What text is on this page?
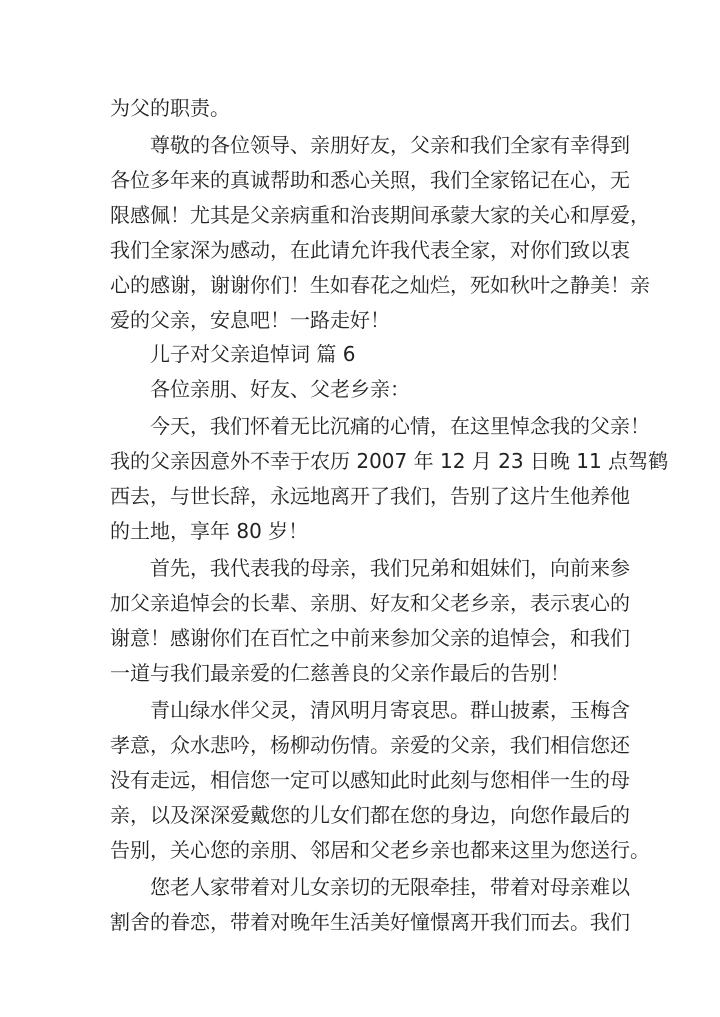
为父的职责。
尊敬的各位领导、亲朋好友，父亲和我们全家有幸得到
各位多年来的真诚帮助和悉心关照，我们全家铭记在心，无
限感佩！尤其是父亲病重和治丧期间承蒙大家的关心和厚爱，
我们全家深为感动，在此请允许我代表全家，对你们致以衷
心的感谢，谢谢你们！生如春花之灿烂，死如秋叶之静美！亲
爱的父亲，安息吧！一路走好！
儿子对父亲追悼词 篇 6
各位亲朋、好友、父老乡亲：
今天，我们怀着无比沉痛的心情，在这里悼念我的父亲！
我的父亲因意外不幸于农历 2007 年 12 月 23 日晚 11 点驾鹤
西去，与世长辞，永远地离开了我们，告别了这片生他养他
的土地，享年 80 岁！
首先，我代表我的母亲，我们兄弟和姐妹们，向前来参
加父亲追悼会的长辈、亲朋、好友和父老乡亲，表示衷心的
谢意！感谢你们在百忙之中前来参加父亲的追悼会，和我们
一道与我们最亲爱的仁慈善良的父亲作最后的告别！
青山绿水伴父灵，清风明月寄哀思。群山披素，玉梅含
孝意，众水悲吟，杨柳动伤情。亲爱的父亲，我们相信您还
没有走远，相信您一定可以感知此时此刻与您相伴一生的母
亲，以及深深爱戴您的儿女们都在您的身边，向您作最后的
告别，关心您的亲朋、邻居和父老乡亲也都来这里为您送行。
您老人家带着对儿女亲切的无限牵挂，带着对母亲难以
割舍的眷恋，带着对晚年生活美好憧憬离开我们而去。我们
